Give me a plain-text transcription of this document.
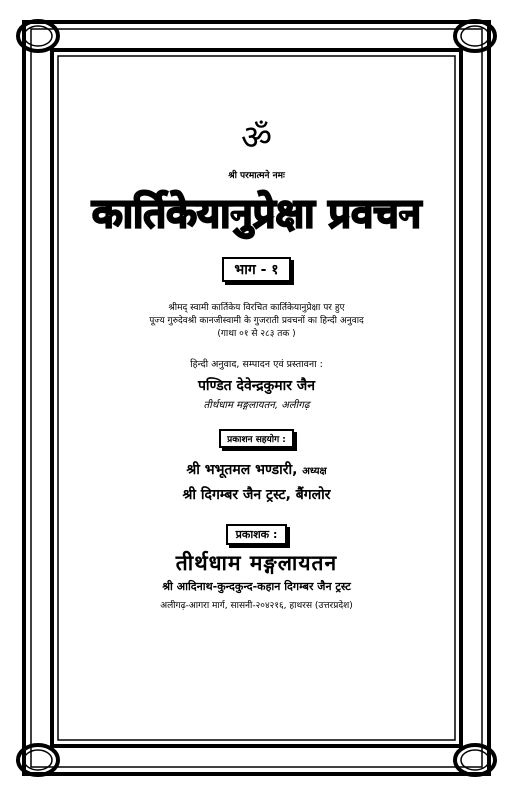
ॐ
श्री परमात्मने नमः
कार्तिकेयानुप्रेक्षा प्रवचन
भाग - १
श्रीमद् स्वामी कार्तिकेय विरचित कार्तिकेयानुप्रेक्षा पर हुए
पूज्य गुरुदेवश्री कानजीस्वामी के गुजराती प्रवचनों का हिन्दी अनुवाद
(गाथा ०१ से २८३ तक )
हिन्दी अनुवाद, सम्पादन एवं प्रस्तावना :
पण्डित देवेन्द्रकुमार जैन
तीर्थधाम मङ्गलायतन, अलीगढ़
प्रकाशन सहयोग :
श्री भभूतमल भण्डारी, अध्यक्ष
श्री दिगम्बर जैन ट्रस्ट, बैंगलोर
प्रकाशक :
तीर्थधाम मङ्गलायतन
श्री आदिनाथ-कुन्दकुन्द-कहान दिगम्बर जैन ट्रस्ट
अलीगढ़-आगरा मार्ग, सासनी-२०४२१६, हाथरस (उत्तरप्रदेश)
